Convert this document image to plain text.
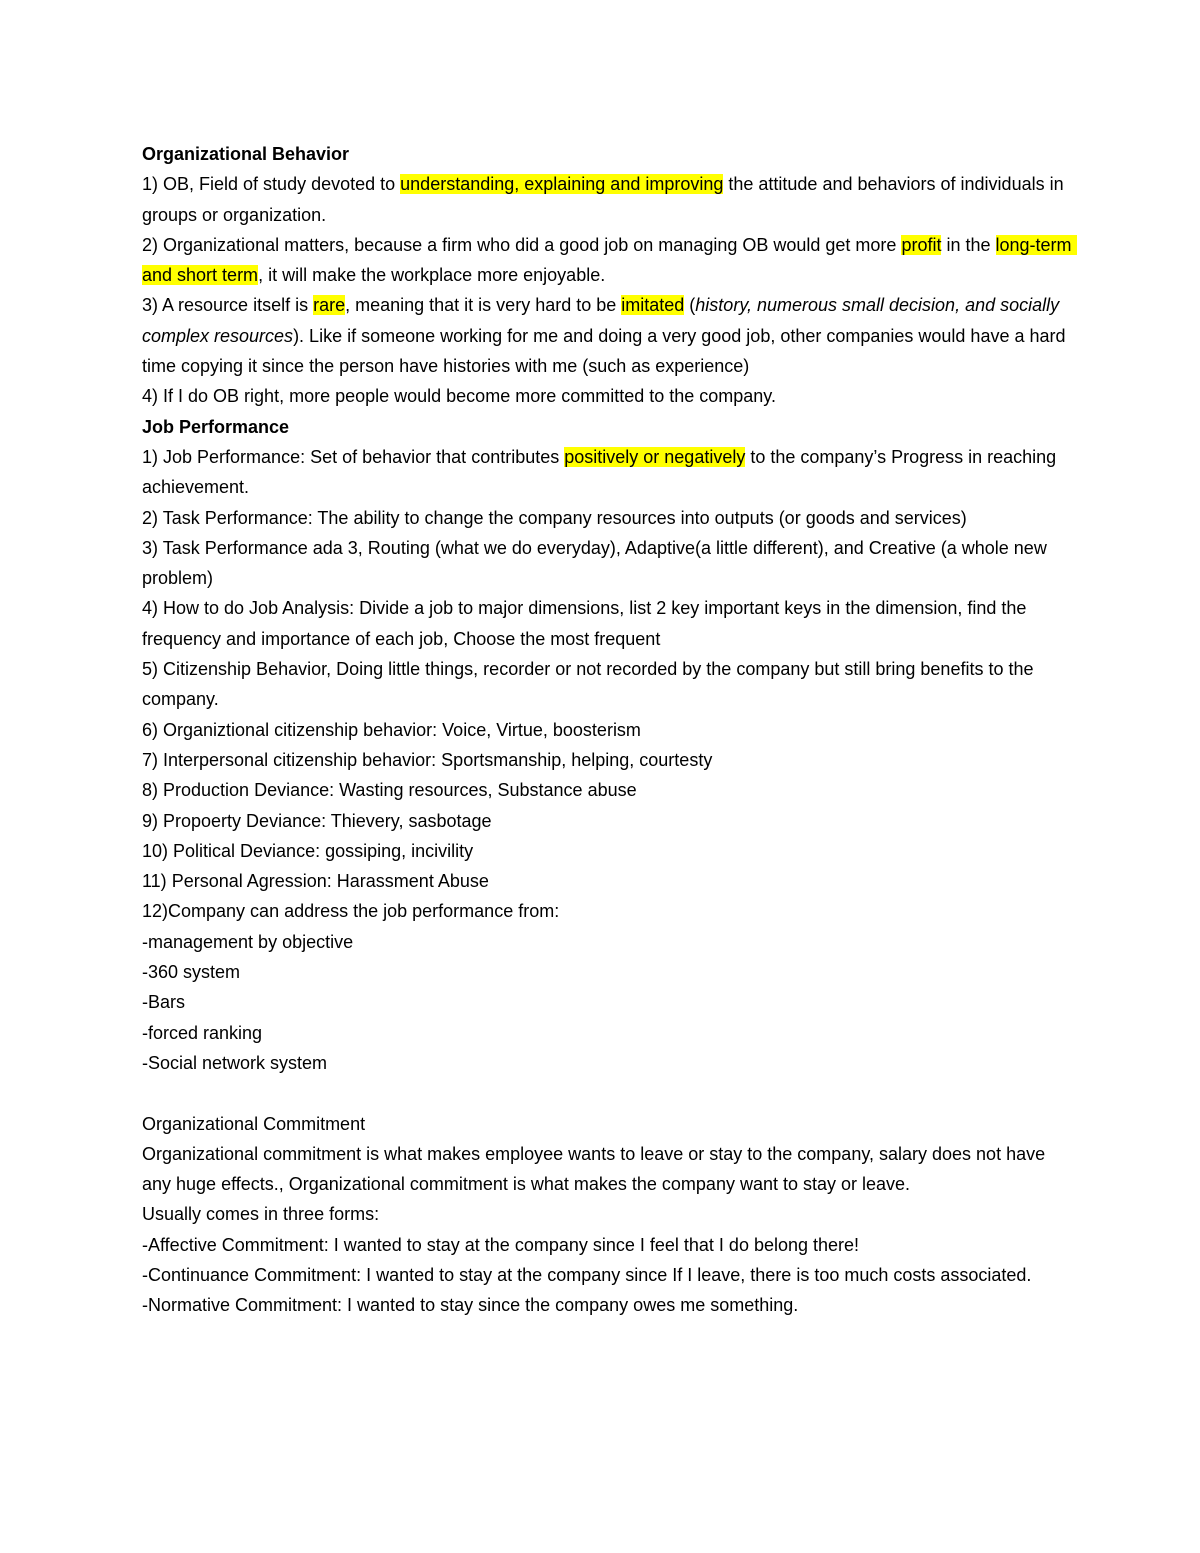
Organizational Behavior

1) OB, Field of study devoted to understanding, explaining and improving the attitude and behaviors of individuals in groups or organization.

2) Organizational matters, because a firm who did a good job on managing OB would get more profit in the long-term and short term, it will make the workplace more enjoyable.

3) A resource itself is rare, meaning that it is very hard to be imitated (history, numerous small decision, and socially complex resources). Like if someone working for me and doing a very good job, other companies would have a hard time copying it since the person have histories with me (such as experience)

4) If I do OB right, more people would become more committed to the company.

Job Performance

1) Job Performance: Set of behavior that contributes positively or negatively to the company’s Progress in reaching achievement.

2) Task Performance: The ability to change the company resources into outputs (or goods and services)

3) Task Performance ada 3, Routing (what we do everyday), Adaptive(a little different), and Creative (a whole new problem)

4) How to do Job Analysis: Divide a job to major dimensions, list 2 key important keys in the dimension, find the frequency and importance of each job, Choose the most frequent

5) Citizenship Behavior, Doing little things, recorder or not recorded by the company but still bring benefits to the company.

6) Organiztional citizenship behavior: Voice, Virtue, boosterism

7) Interpersonal citizenship behavior: Sportsmanship, helping, courtesty

8) Production Deviance: Wasting resources, Substance abuse

9) Propoerty Deviance: Thievery, sasbotage

10) Political Deviance: gossiping, incivility

11) Personal Agression: Harassment Abuse

12)Company can address the job performance from:

-management by objective

-360 system

-Bars

-forced ranking

-Social network system

Organizational Commitment

Organizational commitment is what makes employee wants to leave or stay to the company, salary does not have any huge effects., Organizational commitment is what makes the company want to stay or leave.

Usually comes in three forms:

-Affective Commitment: I wanted to stay at the company since I feel that I do belong there!

-Continuance Commitment: I wanted to stay at the company since If I leave, there is too much costs associated.

-Normative Commitment: I wanted to stay since the company owes me something.
